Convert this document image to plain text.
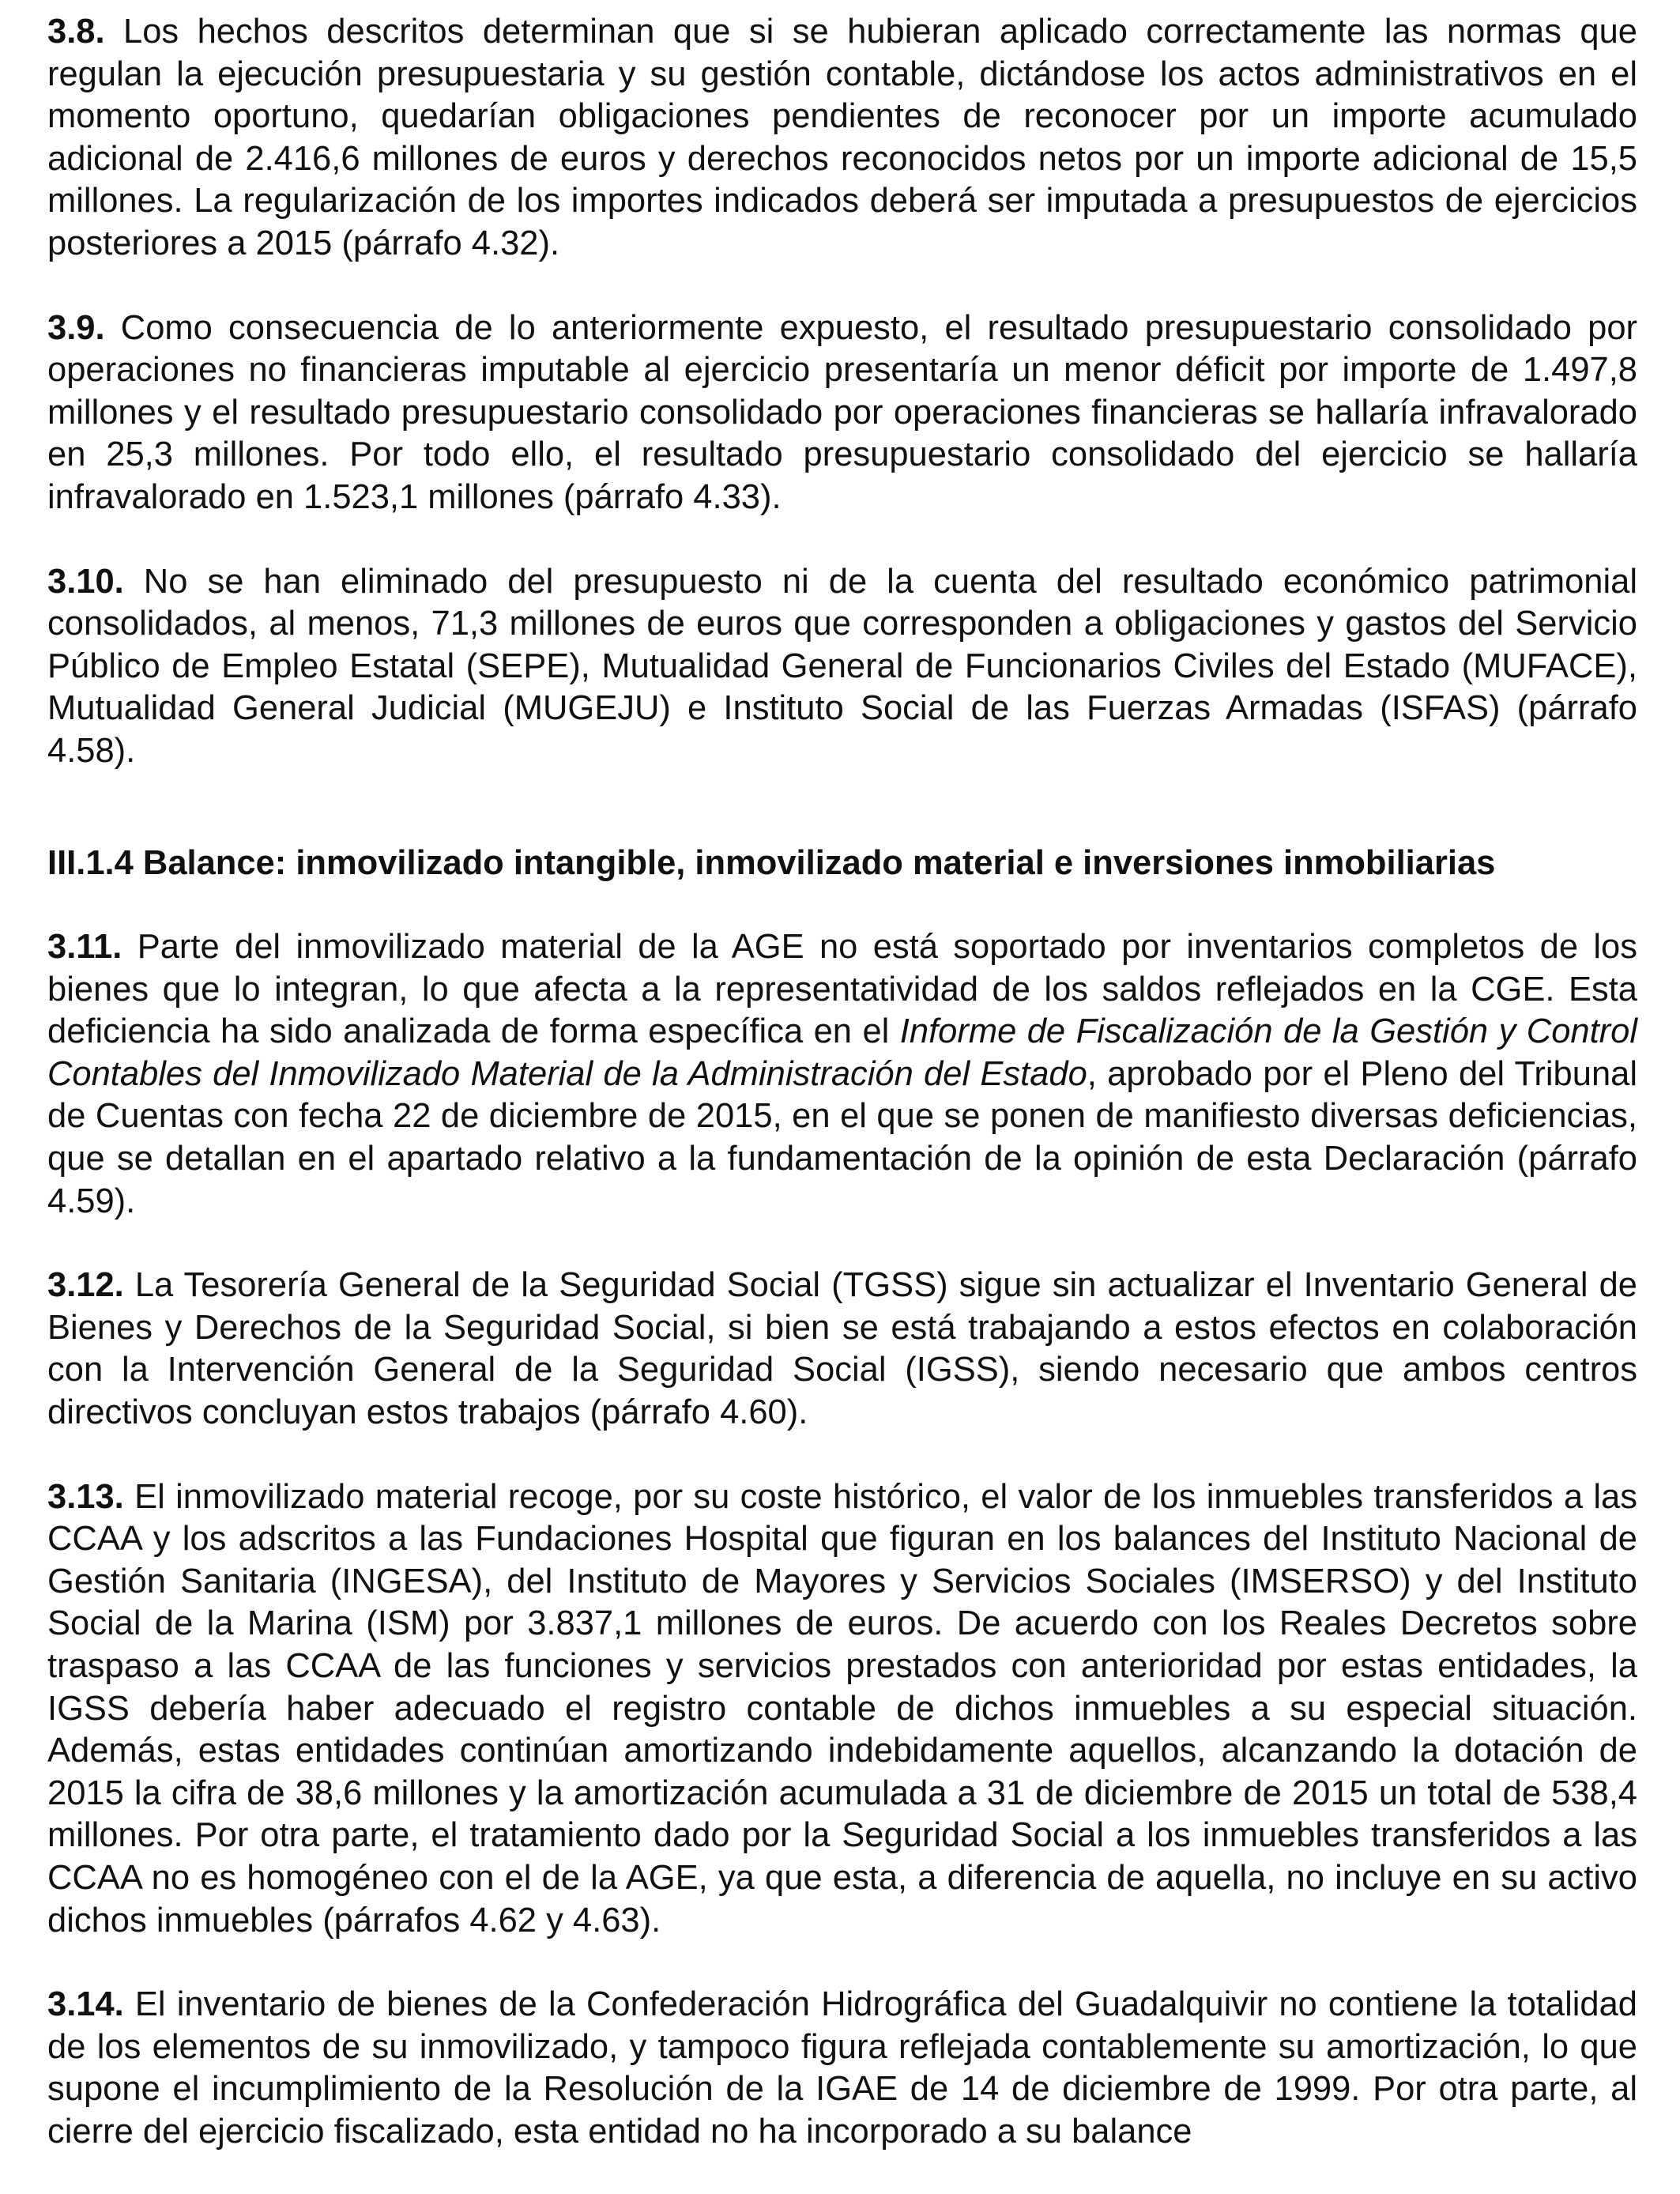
3.8. Los hechos descritos determinan que si se hubieran aplicado correctamente las normas que regulan la ejecución presupuestaria y su gestión contable, dictándose los actos administrativos en el momento oportuno, quedarían obligaciones pendientes de reconocer por un importe acumulado adicional de 2.416,6 millones de euros y derechos reconocidos netos por un importe adicional de 15,5 millones. La regularización de los importes indicados deberá ser imputada a presupuestos de ejercicios posteriores a 2015 (párrafo 4.32).

3.9. Como consecuencia de lo anteriormente expuesto, el resultado presupuestario consolidado por operaciones no financieras imputable al ejercicio presentaría un menor déficit por importe de 1.497,8 millones y el resultado presupuestario consolidado por operaciones financieras se hallaría infravalorado en 25,3 millones. Por todo ello, el resultado presupuestario consolidado del ejercicio se hallaría infravalorado en 1.523,1 millones (párrafo 4.33).

3.10. No se han eliminado del presupuesto ni de la cuenta del resultado económico patrimonial consolidados, al menos, 71,3 millones de euros que corresponden a obligaciones y gastos del Servicio Público de Empleo Estatal (SEPE), Mutualidad General de Funcionarios Civiles del Estado (MUFACE), Mutualidad General Judicial (MUGEJU) e Instituto Social de las Fuerzas Armadas (ISFAS) (párrafo 4.58).

III.1.4 Balance: inmovilizado intangible, inmovilizado material e inversiones inmobiliarias

3.11. Parte del inmovilizado material de la AGE no está soportado por inventarios completos de los bienes que lo integran, lo que afecta a la representatividad de los saldos reflejados en la CGE. Esta deficiencia ha sido analizada de forma específica en el Informe de Fiscalización de la Gestión y Control Contables del Inmovilizado Material de la Administración del Estado, aprobado por el Pleno del Tribunal de Cuentas con fecha 22 de diciembre de 2015, en el que se ponen de manifiesto diversas deficiencias, que se detallan en el apartado relativo a la fundamentación de la opinión de esta Declaración (párrafo 4.59).

3.12. La Tesorería General de la Seguridad Social (TGSS) sigue sin actualizar el Inventario General de Bienes y Derechos de la Seguridad Social, si bien se está trabajando a estos efectos en colaboración con la Intervención General de la Seguridad Social (IGSS), siendo necesario que ambos centros directivos concluyan estos trabajos (párrafo 4.60).

3.13. El inmovilizado material recoge, por su coste histórico, el valor de los inmuebles transferidos a las CCAA y los adscritos a las Fundaciones Hospital que figuran en los balances del Instituto Nacional de Gestión Sanitaria (INGESA), del Instituto de Mayores y Servicios Sociales (IMSERSO) y del Instituto Social de la Marina (ISM) por 3.837,1 millones de euros. De acuerdo con los Reales Decretos sobre traspaso a las CCAA de las funciones y servicios prestados con anterioridad por estas entidades, la IGSS debería haber adecuado el registro contable de dichos inmuebles a su especial situación. Además, estas entidades continúan amortizando indebidamente aquellos, alcanzando la dotación de 2015 la cifra de 38,6 millones y la amortización acumulada a 31 de diciembre de 2015 un total de 538,4 millones. Por otra parte, el tratamiento dado por la Seguridad Social a los inmuebles transferidos a las CCAA no es homogéneo con el de la AGE, ya que esta, a diferencia de aquella, no incluye en su activo dichos inmuebles (párrafos 4.62 y 4.63).

3.14. El inventario de bienes de la Confederación Hidrográfica del Guadalquivir no contiene la totalidad de los elementos de su inmovilizado, y tampoco figura reflejada contablemente su amortización, lo que supone el incumplimiento de la Resolución de la IGAE de 14 de diciembre de 1999. Por otra parte, al cierre del ejercicio fiscalizado, esta entidad no ha incorporado a su balance
